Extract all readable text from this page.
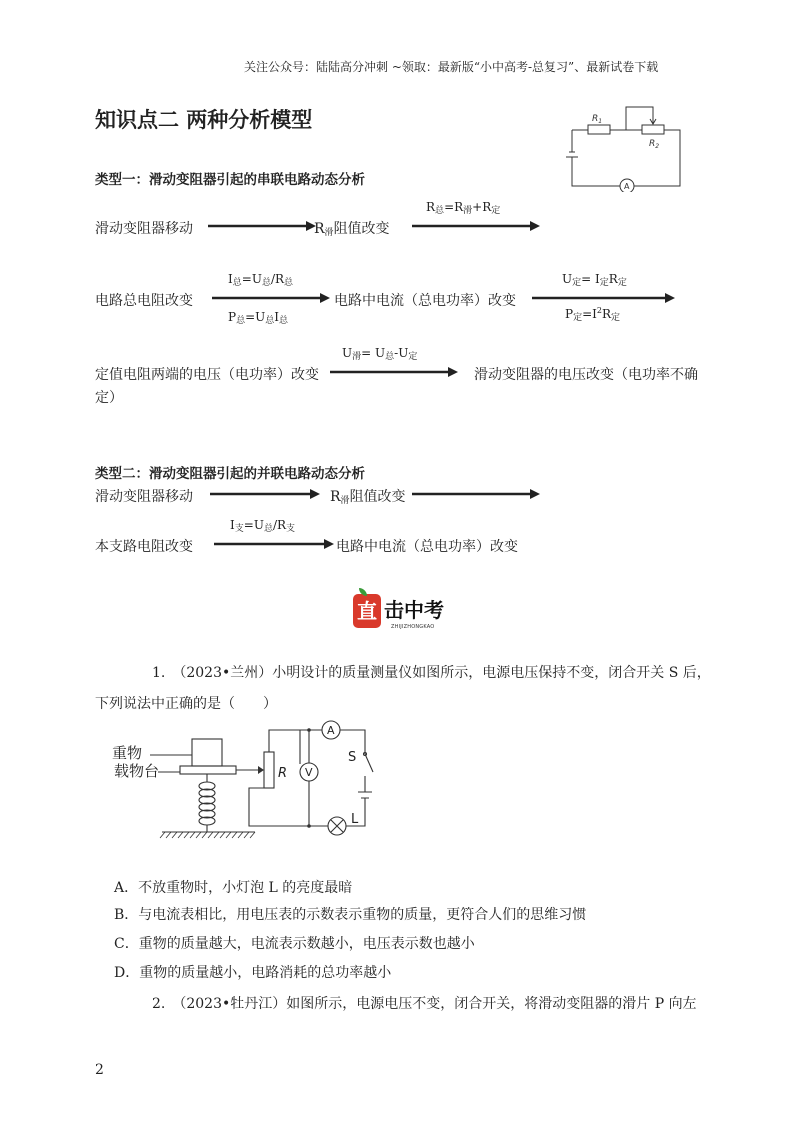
关注公众号：陆陆高分冲刺 ~领取：最新版“小中高考-总复习”、最新试卷下载
知识点二 两种分析模型	$R_1$
$R_2$
A
类型一：滑动变阻器引起的串联电路动态分析
滑动变阻器移动	$R_滑$阻值改变
$R_总=R_滑+R_定$
电路总电阻改变
$I_总=U_总/R_总$
$P_总=U_总I_总$
电路中电流（总电功率）改变
$U_定= I_定R_定$
$P_定=I^2R_定$
定值电阻两端的电压（电功率）改变
$U_滑= U_总-U_定$
滑动变阻器的电压改变（电功率不确
定）
类型二：滑动变阻器引起的并联电路动态分析
滑动变阻器移动	$R_滑$阻值改变
本支路电阻改变
$I_支=U_总/R_支$
电路中电流（总电功率）改变
直 击中考
ZHIJIZHONGKAO
1.　（2023•兰州）小明设计的质量测量仪如图所示，电源电压保持不变，闭合开关 S 后，
下列说法中正确的是（　　）
重物
载物台	R V
A
S
L
A．不放重物时，小灯泡 L 的亮度最暗
B．与电流表相比，用电压表的示数表示重物的质量，更符合人们的思维习惯
C．重物的质量越大，电流表示数越小，电压表示数也越小
D．重物的质量越小，电路消耗的总功率越小
2.　（2023•牡丹江）如图所示，电源电压不变，闭合开关，将滑动变阻器的滑片 P 向左
2
